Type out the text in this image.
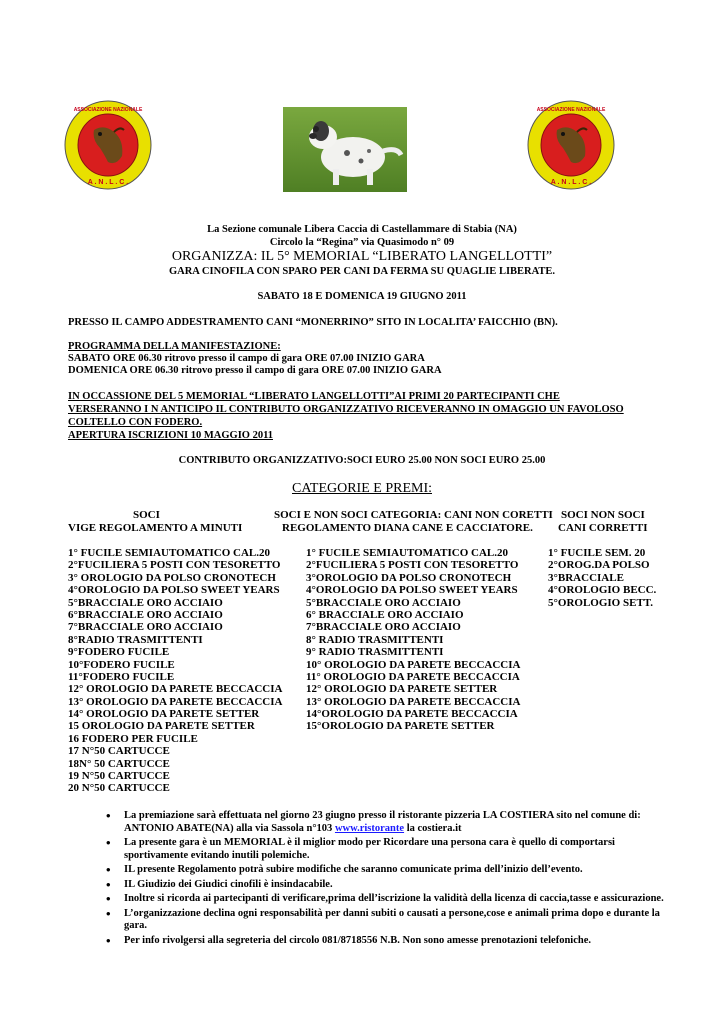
A . N . L . C .
ASSOCIAZIONE NAZIONALE
A . N . L . C .
ASSOCIAZIONE NAZIONALE
La Sezione comunale Libera Caccia di Castellammare di Stabia (NA)
Circolo la “Regina” via Quasimodo n° 09
ORGANIZZA: IL 5° MEMORIAL “LIBERATO LANGELLOTTI”
GARA CINOFILA CON SPARO PER CANI DA FERMA SU QUAGLIE LIBERATE.
SABATO 18 E DOMENICA 19 GIUGNO 2011
PRESSO IL CAMPO ADDESTRAMENTO CANI “MONERRINO” SITO IN LOCALITA’ FAICCHIO (BN).
PROGRAMMA DELLA MANIFESTAZIONE:
SABATO ORE 06.30 ritrovo presso il campo di gara ORE 07.00 INIZIO GARA
DOMENICA ORE 06.30 ritrovo presso il campo di gara ORE 07.00 INIZIO GARA
IN OCCASSIONE DEL 5 MEMORIAL “LIBERATO LANGELLOTTI”AI PRIMI 20 PARTECIPANTI CHE
VERSERANNO I N ANTICIPO IL CONTRIBUTO ORGANIZZATIVO RICEVERANNO IN OMAGGIO UN FAVOLOSO
COLTELLO CON FODERO.
APERTURA ISCRIZIONI 10 MAGGIO 2011
CONTRIBUTO ORGANIZZATIVO:SOCI EURO 25.00 NON SOCI EURO 25.00
CATEGORIE E PREMI:
SOCI
VIGE REGOLAMENTO A MINUTI
SOCI E NON SOCI CATEGORIA: CANI NON CORETTI
REGOLAMENTO DIANA CANE E CACCIATORE.
SOCI NON SOCI
CANI CORRETTI
1° FUCILE SEMIAUTOMATICO CAL.20
2°FUCILIERA 5 POSTI CON TESORETTO
3° OROLOGIO DA POLSO CRONOTECH
4°OROLOGIO DA POLSO SWEET YEARS
5°BRACCIALE ORO ACCIAIO
6°BRACCIALE ORO ACCIAIO
7°BRACCIALE ORO ACCIAIO
8°RADIO TRASMITTENTI
9°FODERO FUCILE
10°FODERO FUCILE
11°FODERO FUCILE
12° OROLOGIO DA PARETE BECCACCIA
13° OROLOGIO DA PARETE BECCACCIA
14° OROLOGIO DA PARETE SETTER
15 OROLOGIO DA PARETE SETTER
16 FODERO PER FUCILE
17 N°50 CARTUCCE
18N° 50 CARTUCCE
19 N°50 CARTUCCE
20 N°50 CARTUCCE
1° FUCILE SEMIAUTOMATICO CAL.20
2°FUCILIERA 5 POSTI CON TESORETTO
3°OROLOGIO DA POLSO CRONOTECH
4°OROLOGIO DA POLSO SWEET YEARS
5°BRACCIALE ORO ACCIAIO
6° BRACCIALE ORO ACCIAIO
7°BRACCIALE ORO ACCIAIO
8° RADIO TRASMITTENTI
9° RADIO TRASMITTENTI
10° OROLOGIO DA PARETE BECCACCIA
11° OROLOGIO DA PARETE BECCACCIA
12° OROLOGIO DA PARETE SETTER
13° OROLOGIO DA PARETE BECCACCIA
14°OROLOGIO DA PARETE BECCACCIA
15°OROLOGIO DA PARETE SETTER
1° FUCILE SEM. 20
2°OROG.DA POLSO
3°BRACCIALE
4°OROLOGIO BECC.
5°OROLOGIO SETT.
• La premiazione sarà effettuata nel giorno 23 giugno presso il ristorante pizzeria LA COSTIERA sito nel comune di: ANTONIO ABATE(NA) alla via Sassola n°103 www.ristorante la costiera.it
• La presente gara è un MEMORIAL è il miglior modo per Ricordare una persona cara è quello di comportarsi sportivamente evitando inutili polemiche.
• IL presente Regolamento potrà subire modifiche che saranno comunicate prima dell’inizio dell’evento.
• IL Giudizio dei Giudici cinofili è insindacabile.
• Inoltre si ricorda ai partecipanti di verificare,prima dell’iscrizione la validità della licenza di caccia,tasse e assicurazione.
• L’organizzazione declina ogni responsabilità per danni subiti o causati a persone,cose e animali prima dopo e durante la gara.
• Per info rivolgersi alla segreteria del circolo 081/8718556 N.B. Non sono amesse prenotazioni telefoniche.
